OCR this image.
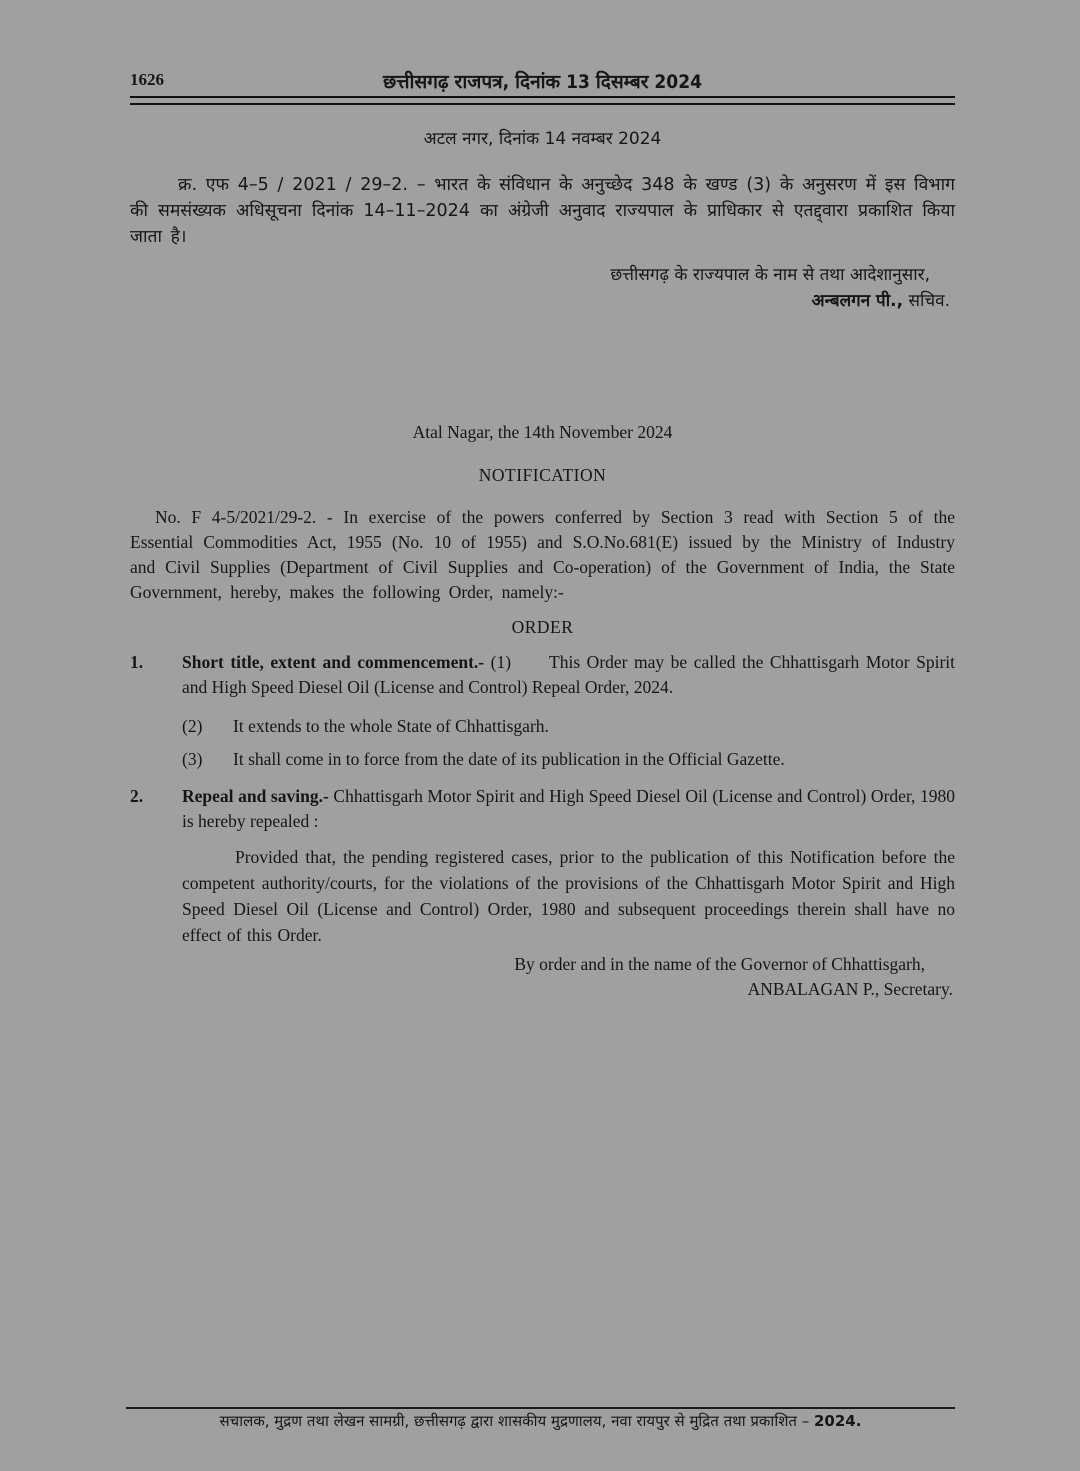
1626	छत्तीसगढ़ राजपत्र, दिनांक 13 दिसम्बर 2024
अटल नगर, दिनांक 14 नवम्बर 2024

क्र. एफ 4–5 / 2021 / 29–2. – भारत के संविधान के अनुच्छेद 348 के खण्ड (3) के अनुसरण में इस विभाग की समसंख्यक अधिसूचना दिनांक 14–11–2024 का अंग्रेजी अनुवाद राज्यपाल के प्राधिकार से एतद्द्वारा प्रकाशित किया जाता है।

छत्तीसगढ़ के राज्यपाल के नाम से तथा आदेशानुसार,
अन्बलगन पी., सचिव.
Atal Nagar, the 14th November 2024
NOTIFICATION

No. F 4-5/2021/29-2. - In exercise of the powers conferred by Section 3 read with Section 5 of the Essential Commodities Act, 1955 (No. 10 of 1955) and S.O.No.681(E) issued by the Ministry of Industry and Civil Supplies (Department of Civil Supplies and Co-operation) of the Government of India, the State Government, hereby, makes the following Order, namely:-

ORDER
1. Short title, extent and commencement.- (1) This Order may be called the Chhattisgarh Motor Spirit and High Speed Diesel Oil (License and Control) Repeal Order, 2024.
(2) It extends to the whole State of Chhattisgarh.
(3) It shall come in to force from the date of its publication in the Official Gazette.
2. Repeal and saving.- Chhattisgarh Motor Spirit and High Speed Diesel Oil (License and Control) Order, 1980 is hereby repealed :

Provided that, the pending registered cases, prior to the publication of this Notification before the competent authority/courts, for the violations of the provisions of the Chhattisgarh Motor Spirit and High Speed Diesel Oil (License and Control) Order, 1980 and subsequent proceedings therein shall have no effect of this Order.

By order and in the name of the Governor of Chhattisgarh,
ANBALAGAN P., Secretary.
सचालक, मुद्रण तथा लेखन सामग्री, छत्तीसगढ़ द्वारा शासकीय मुद्रणालय, नवा रायपुर से मुद्रित तथा प्रकाशित – 2024.
